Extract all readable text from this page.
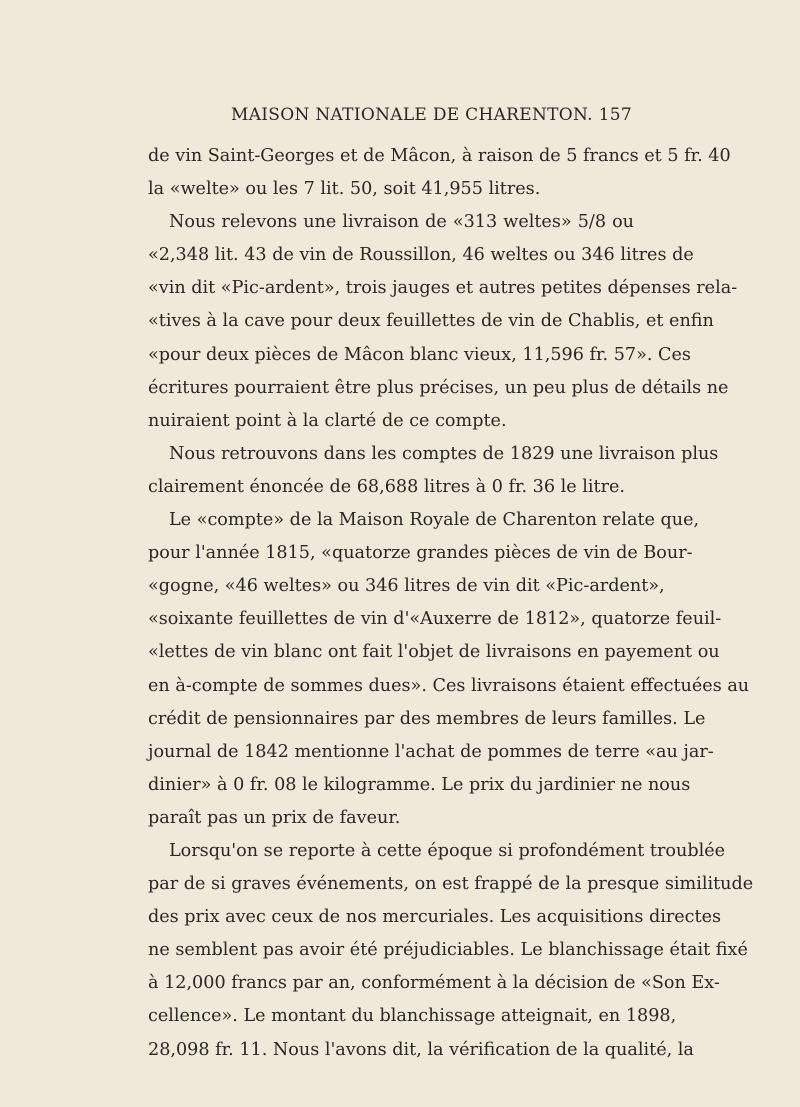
MAISON NATIONALE DE CHARENTON. 157
de vin Saint-Georges et de Mâcon, à raison de 5 francs et 5 fr. 40
la «welte» ou les 7 lit. 50, soit 41,955 litres.
Nous relevons une livraison de «313 weltes» 5/8 ou
«2,348 lit. 43 de vin de Roussillon, 46 weltes ou 346 litres de
«vin dit «Pic-ardent», trois jauges et autres petites dépenses rela-
«tives à la cave pour deux feuillettes de vin de Chablis, et enfin
«pour deux pièces de Mâcon blanc vieux, 11,596 fr. 57». Ces
écritures pourraient être plus précises, un peu plus de détails ne
nuiraient point à la clarté de ce compte.
Nous retrouvons dans les comptes de 1829 une livraison plus
clairement énoncée de 68,688 litres à 0 fr. 36 le litre.
Le «compte» de la Maison Royale de Charenton relate que,
pour l'année 1815, «quatorze grandes pièces de vin de Bour-
«gogne, «46 weltes» ou 346 litres de vin dit «Pic-ardent»,
«soixante feuillettes de vin d'«Auxerre de 1812», quatorze feuil-
«lettes de vin blanc ont fait l'objet de livraisons en payement ou
en à-compte de sommes dues». Ces livraisons étaient effectuées au
crédit de pensionnaires par des membres de leurs familles. Le
journal de 1842 mentionne l'achat de pommes de terre «au jar-
dinier» à 0 fr. 08 le kilogramme. Le prix du jardinier ne nous
paraît pas un prix de faveur.
Lorsqu'on se reporte à cette époque si profondément troublée
par de si graves événements, on est frappé de la presque similitude
des prix avec ceux de nos mercuriales. Les acquisitions directes
ne semblent pas avoir été préjudiciables. Le blanchissage était fixé
à 12,000 francs par an, conformément à la décision de «Son Ex-
cellence». Le montant du blanchissage atteignait, en 1898,
28,098 fr. 11. Nous l'avons dit, la vérification de la qualité, la
